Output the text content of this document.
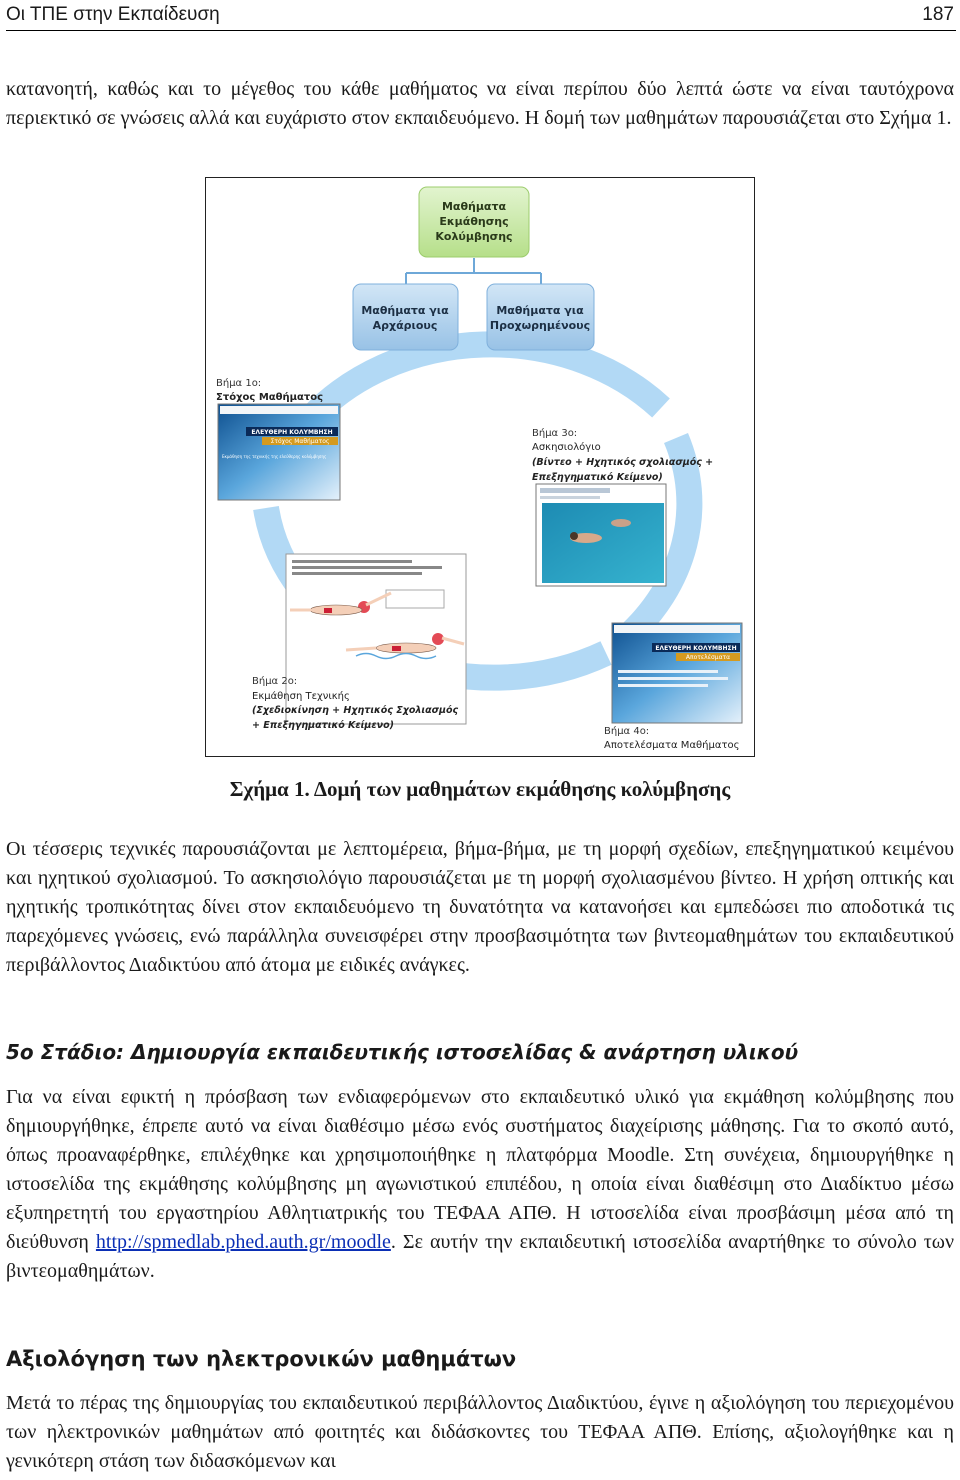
Οι ΤΠΕ στην Εκπαίδευση	187

κατανοητή, καθώς και το μέγεθος του κάθε μαθήματος να είναι περίπου δύο λεπτά ώστε να είναι ταυτόχρονα περιεκτικό σε γνώσεις αλλά και ευχάριστο στον εκπαιδευόμενο. Η δομή των μαθημάτων παρουσιάζεται στο Σχήμα 1.

Μαθήματα
Εκμάθησης
Κολύμβησης
Μαθήματα για
Αρχάριους
Μαθήματα για
Προχωρημένους
Βήμα 1ο:
Στόχος Μαθήματος
ΕΛΕΥΘΕΡΗ ΚΟΛΥΜΒΗΣΗ
Στόχος Μαθήματος
Εκμάθηση της τεχνικής της ελεύθερης κολύμβησης
Βήμα 3ο:
Ασκησιολόγιο
(Βίντεο + Ηχητικός σχολιασμός +
Επεξηγηματικό Κείμενο)
Βήμα 2ο:
Εκμάθηση Τεχνικής
(Σχεδιοκίνηση + Ηχητικός Σχολιασμός
+ Επεξηγηματικό Κείμενο)
ΕΛΕΥΘΕΡΗ ΚΟΛΥΜΒΗΣΗ
Αποτελέσματα
Βήμα 4ο:
Αποτελέσματα Μαθήματος
Σχήμα 1. Δομή των μαθημάτων εκμάθησης κολύμβησης

Οι τέσσερις τεχνικές παρουσιάζονται με λεπτομέρεια, βήμα-βήμα, με τη μορφή σχεδίων, επεξηγηματικού κειμένου και ηχητικού σχολιασμού. Το ασκησιολόγιο παρουσιάζεται με τη μορφή σχολιασμένου βίντεο. Η χρήση οπτικής και ηχητικής τροπικότητας δίνει στον εκπαιδευόμενο τη δυνατότητα να κατανοήσει και εμπεδώσει πιο αποδοτικά τις παρεχόμενες γνώσεις, ενώ παράλληλα συνεισφέρει στην προσβασιμότητα των βιντεομαθημάτων του εκπαιδευτικού περιβάλλοντος Διαδικτύου από άτομα με ειδικές ανάγκες.

5ο Στάδιο: Δημιουργία εκπαιδευτικής ιστοσελίδας & ανάρτηση υλικού

Για να είναι εφικτή η πρόσβαση των ενδιαφερόμενων στο εκπαιδευτικό υλικό για εκμάθηση κολύμβησης που δημιουργήθηκε, έπρεπε αυτό να είναι διαθέσιμο μέσω ενός συστήματος διαχείρισης μάθησης. Για το σκοπό αυτό, όπως προαναφέρθηκε, επιλέχθηκε και χρησιμοποιήθηκε η πλατφόρμα Moodle. Στη συνέχεια, δημιουργήθηκε η ιστοσελίδα της εκμάθησης κολύμβησης μη αγωνιστικού επιπέδου, η οποία είναι διαθέσιμη στο Διαδίκτυο μέσω εξυπηρετητή του εργαστηρίου Αθλητιατρικής του ΤΕΦΑΑ ΑΠΘ. Η ιστοσελίδα είναι προσβάσιμη μέσα από τη διεύθυνση http://spmedlab.phed.auth.gr/moodle. Σε αυτήν την εκπαιδευτική ιστοσελίδα αναρτήθηκε το σύνολο των βιντεομαθημάτων.

Αξιολόγηση των ηλεκτρονικών μαθημάτων

Μετά το πέρας της δημιουργίας του εκπαιδευτικού περιβάλλοντος Διαδικτύου, έγινε η αξιολόγηση του περιεχομένου των ηλεκτρονικών μαθημάτων από φοιτητές και διδάσκοντες του ΤΕΦΑΑ ΑΠΘ. Επίσης, αξιολογήθηκε και η γενικότερη στάση των διδασκόμενων και
